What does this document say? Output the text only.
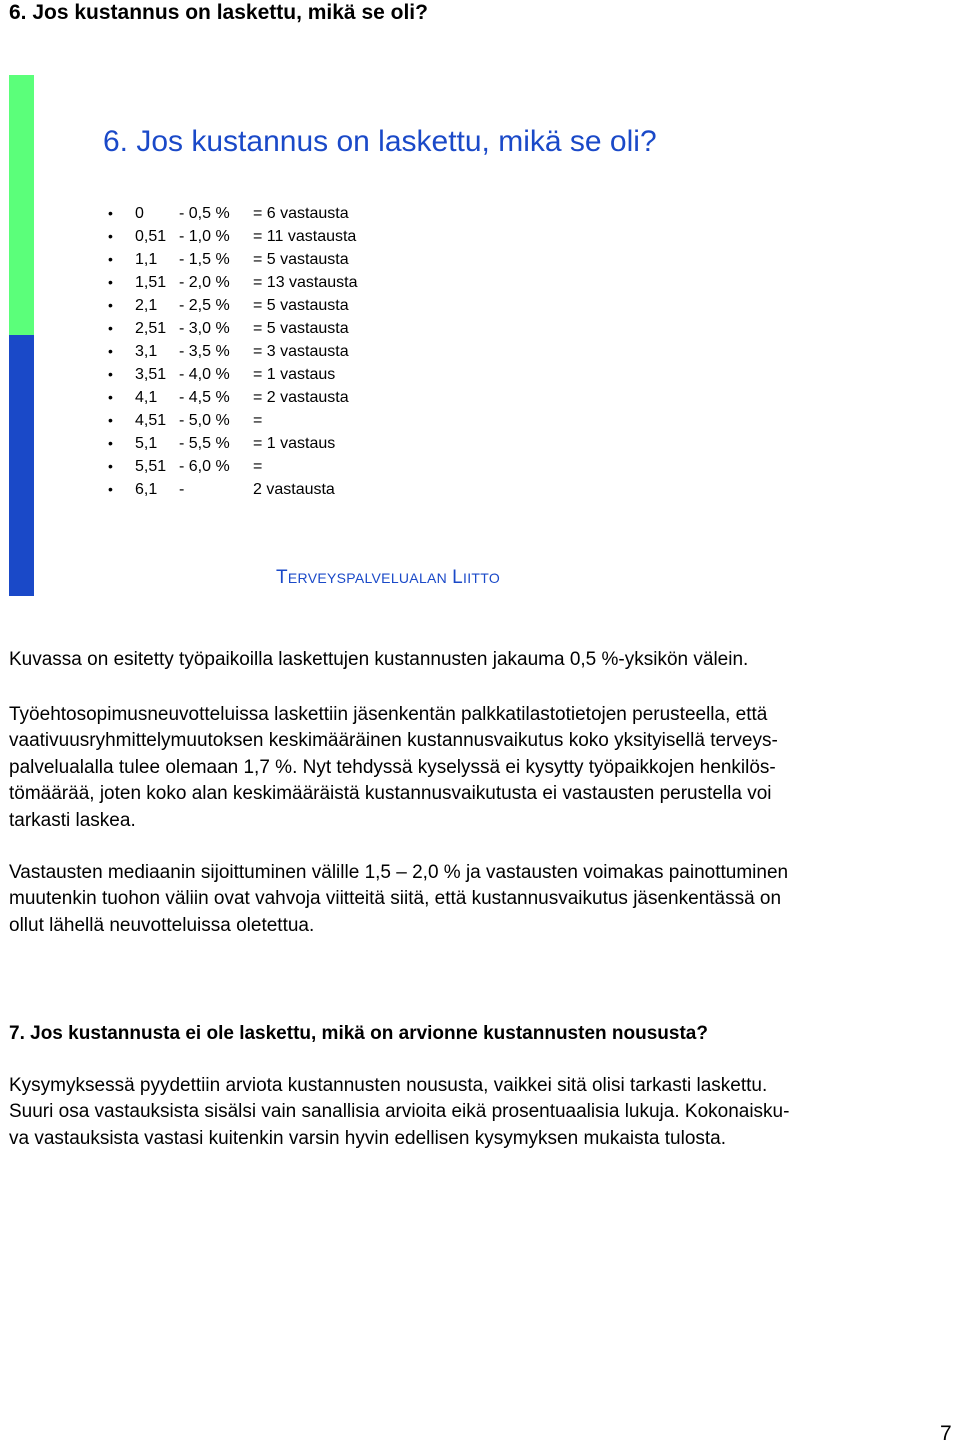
6. Jos kustannus on laskettu, mikä se oli?
6. Jos kustannus on laskettu, mikä se oli?
• 0 - 0,5 % = 6 vastausta
• 0,51 - 1,0 % = 11 vastausta
• 1,1 - 1,5 % = 5 vastausta
• 1,51 - 2,0 % = 13 vastausta
• 2,1 - 2,5 % = 5 vastausta
• 2,51 - 3,0 % = 5 vastausta
• 3,1 - 3,5 % = 3 vastausta
• 3,51 - 4,0 % = 1 vastaus
• 4,1 - 4,5 % = 2 vastausta
• 4,51 - 5,0 % =
• 5,1 - 5,5 % = 1 vastaus
• 5,51 - 6,0 % =
• 6,1 -	2 vastausta
TERVEYSPALVELUALAN LIITTO

Kuvassa on esitetty työpaikoilla laskettujen kustannusten jakauma 0,5 %-yksikön välein.

Työehtosopimusneuvotteluissa laskettiin jäsenkentän palkkatilastotietojen perusteella, että
vaativuusryhmittelymuutoksen keskimääräinen kustannusvaikutus koko yksityisellä terveys-
palvelualalla tulee olemaan 1,7 %. Nyt tehdyssä kyselyssä ei kysytty työpaikkojen henkilös-
tömäärää, joten koko alan keskimääräistä kustannusvaikutusta ei vastausten perustella voi
tarkasti laskea.
Vastausten mediaanin sijoittuminen välille 1,5 – 2,0 % ja vastausten voimakas painottuminen
muutenkin tuohon väliin ovat vahvoja viitteitä siitä, että kustannusvaikutus jäsenkentässä on
ollut lähellä neuvotteluissa oletettua.
7. Jos kustannusta ei ole laskettu, mikä on arvionne kustannusten noususta?
Kysymyksessä pyydettiin arviota kustannusten noususta, vaikkei sitä olisi tarkasti laskettu.
Suuri osa vastauksista sisälsi vain sanallisia arvioita eikä prosentuaalisia lukuja. Kokonaisku-
va vastauksista vastasi kuitenkin varsin hyvin edellisen kysymyksen mukaista tulosta.
7
